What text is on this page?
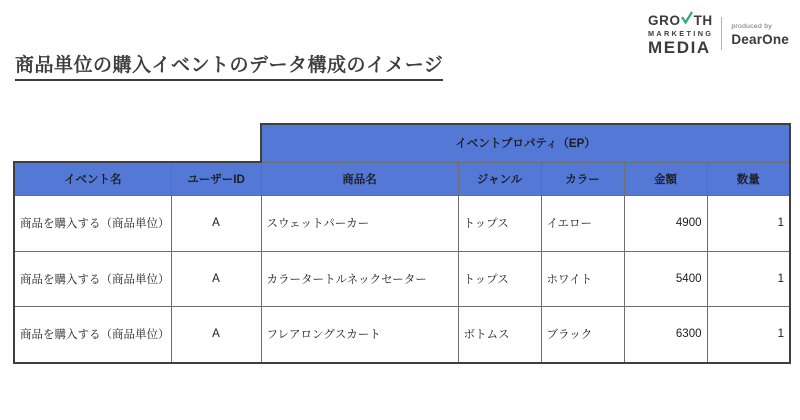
GRO TH
MARKETING
MEDIA
produced by
DearOne
商品単位の購入イベントのデータ構成のイメージ
		イベントプロパティ（EP）				
イベント名	ユーザーID	商品名	ジャンル	カラー	金額	数量
商品を購入する（商品単位）	A	スウェットパーカー	トップス	イエロー	4900	1
商品を購入する（商品単位）	A	カラータートルネックセーター	トップス	ホワイト	5400	1
商品を購入する（商品単位）	A	フレアロングスカート	ボトムス	ブラック	6300	1
